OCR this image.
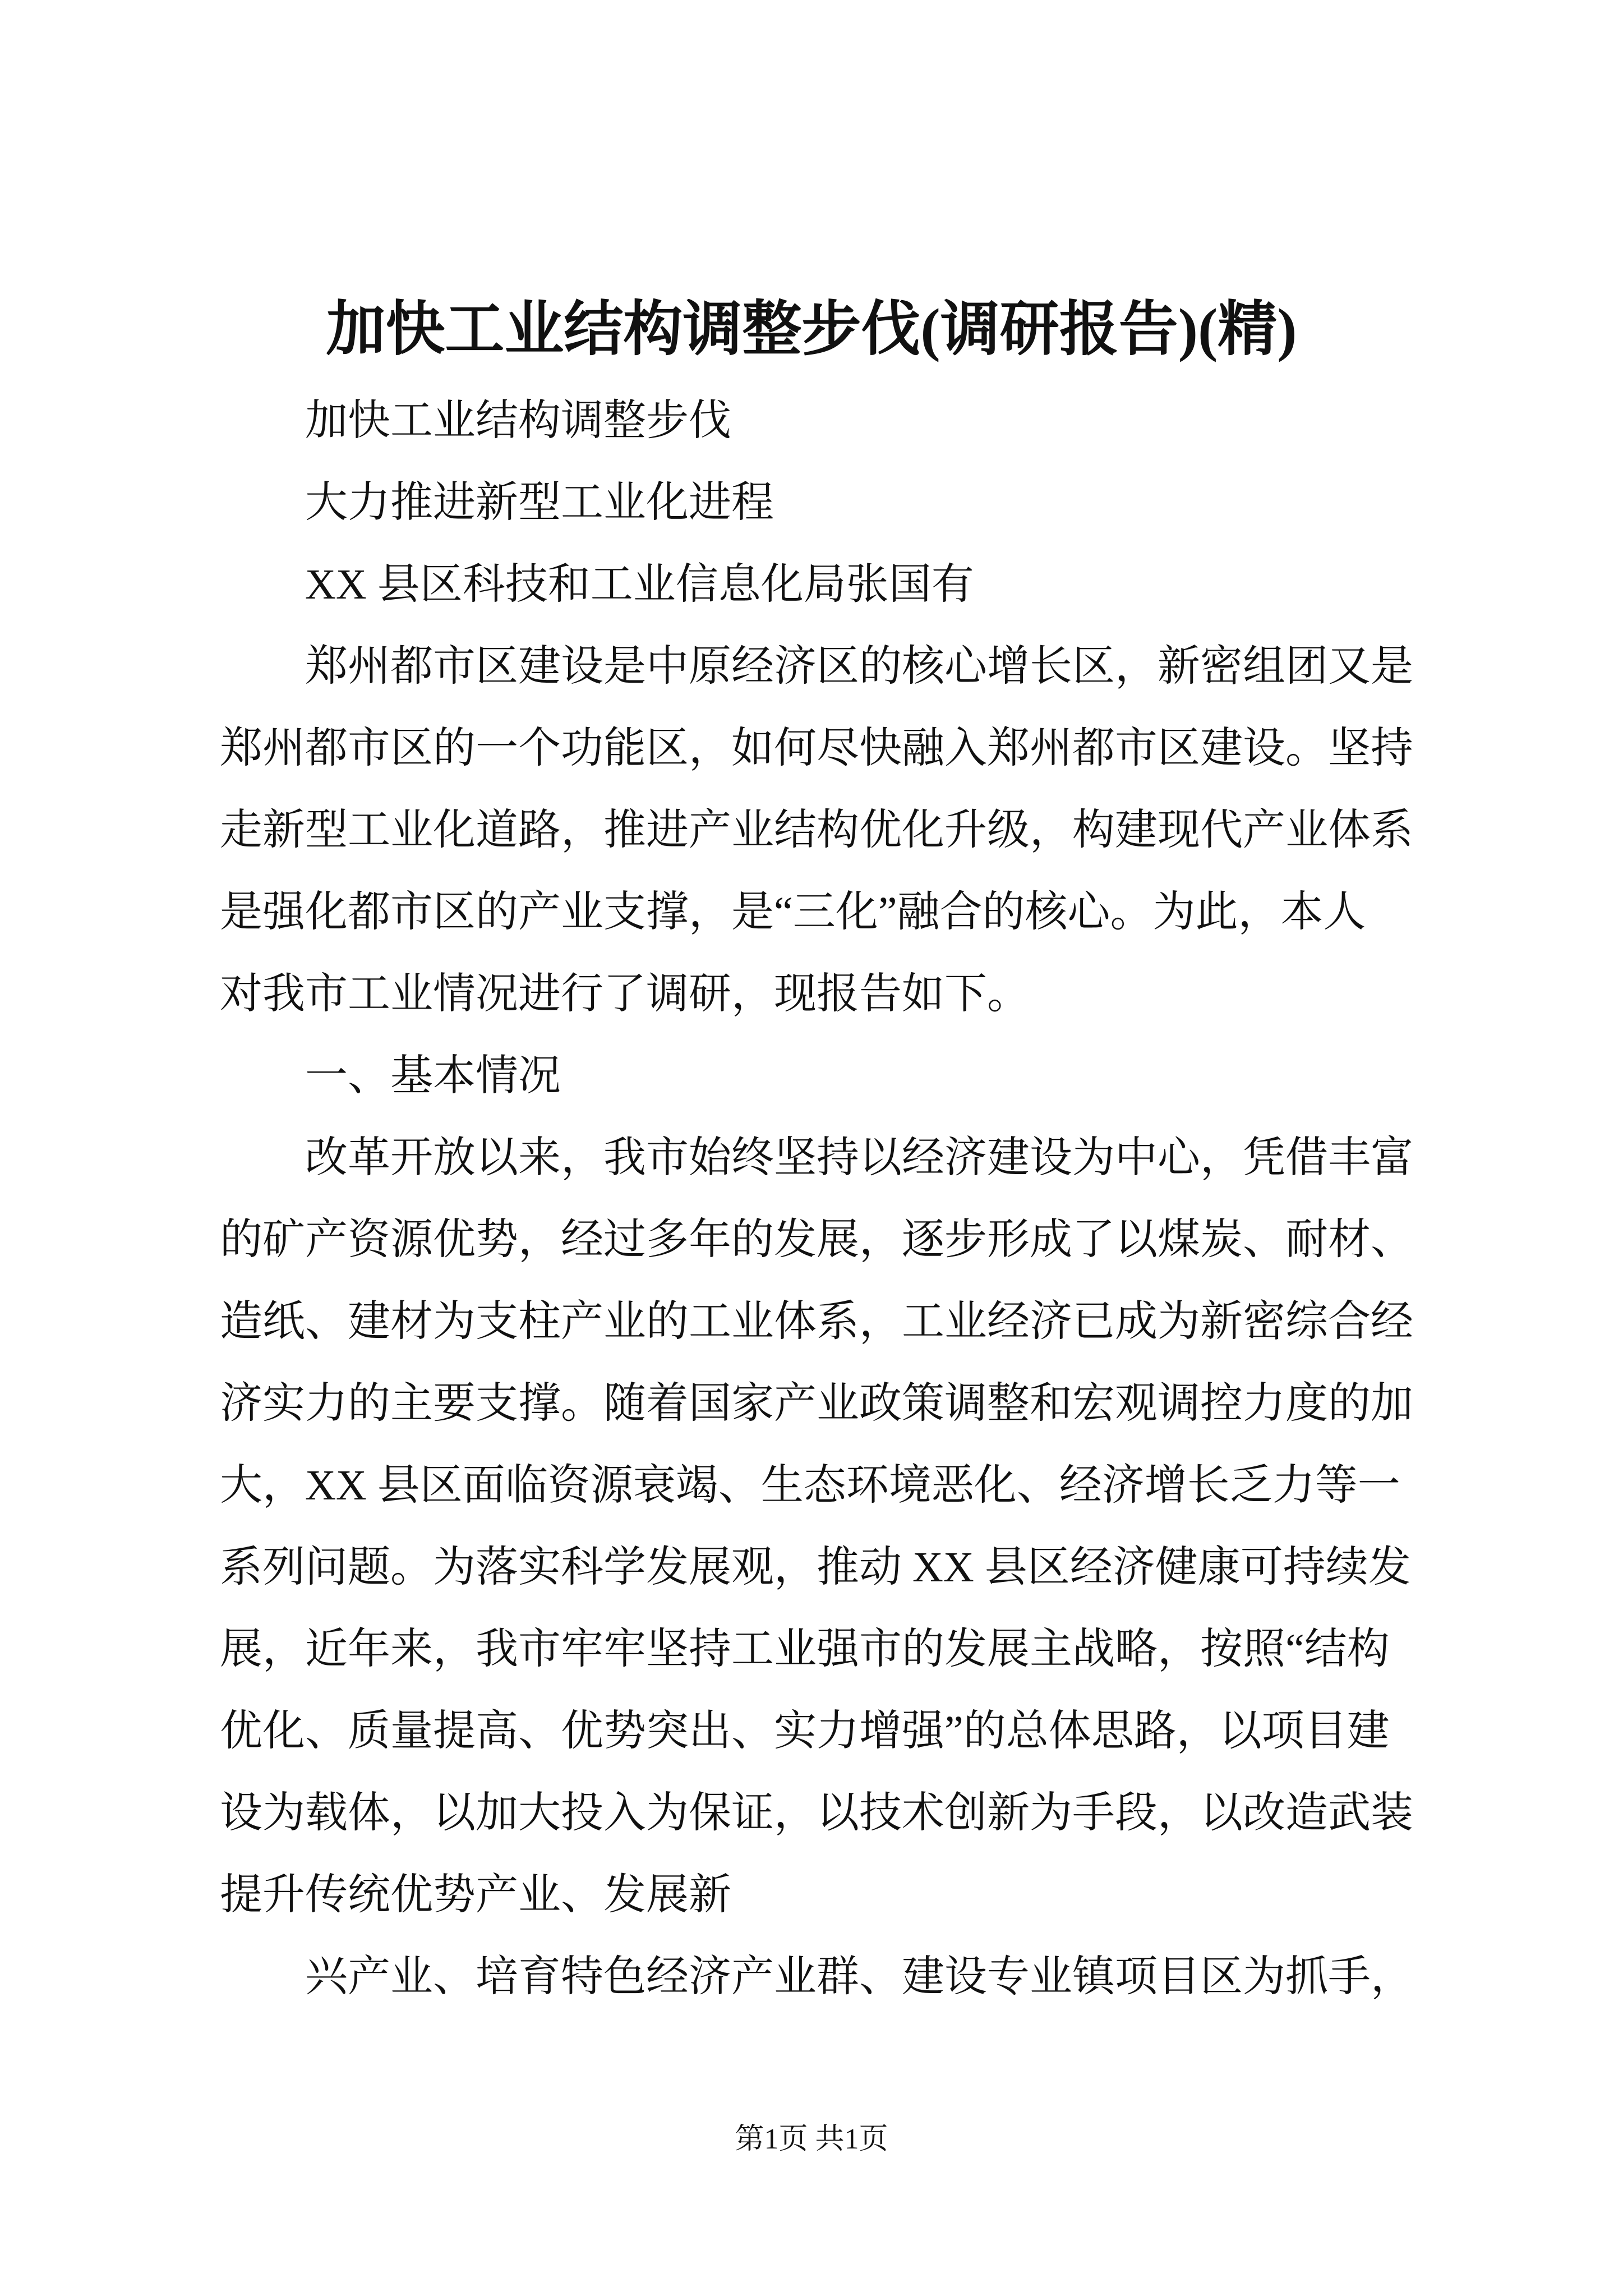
加快工业结构调整步伐(调研报告)(精)
加快工业结构调整步伐
大力推进新型工业化进程
XX 县区科技和工业信息化局张国有
郑州都市区建设是中原经济区的核心增长区，新密组团又是
郑州都市区的一个功能区，如何尽快融入郑州都市区建设。坚持
走新型工业化道路，推进产业结构优化升级，构建现代产业体系
是强化都市区的产业支撑，是“三化”融合的核心。为此，本人
对我市工业情况进行了调研，现报告如下。
一、基本情况
改革开放以来，我市始终坚持以经济建设为中心，凭借丰富
的矿产资源优势，经过多年的发展，逐步形成了以煤炭、耐材、
造纸、建材为支柱产业的工业体系，工业经济已成为新密综合经
济实力的主要支撑。随着国家产业政策调整和宏观调控力度的加
大，XX 县区面临资源衰竭、生态环境恶化、经济增长乏力等一
系列问题。为落实科学发展观，推动 XX 县区经济健康可持续发
展，近年来，我市牢牢坚持工业强市的发展主战略，按照“结构
优化、质量提高、优势突出、实力增强”的总体思路，以项目建
设为载体，以加大投入为保证，以技术创新为手段，以改造武装
提升传统优势产业、发展新
兴产业、培育特色经济产业群、建设专业镇项目区为抓手，
第1页 共1页
